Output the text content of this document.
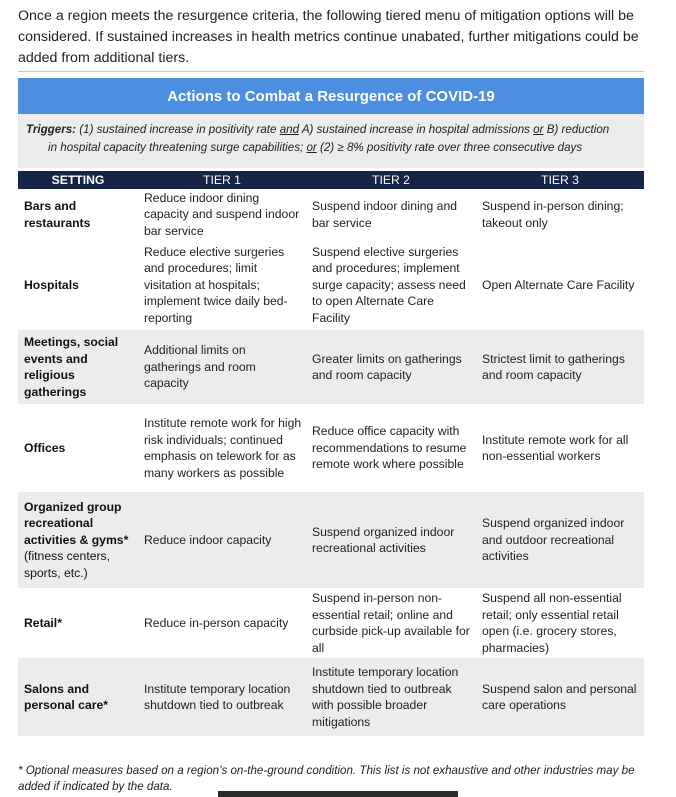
Once a region meets the resurgence criteria, the following tiered menu of mitigation options will be considered. If sustained increases in health metrics continue unabated, further mitigations could be added from additional tiers.
Actions to Combat a Resurgence of COVID-19
Triggers: (1) sustained increase in positivity rate and A) sustained increase in hospital admissions or B) reduction
in hospital capacity threatening surge capabilities; or (2) ≥ 8% positivity rate over three consecutive days
SETTING	TIER 1	TIER 2	TIER 3
Bars and restaurants	Reduce indoor dining capacity and suspend indoor bar service	Suspend indoor dining and bar service	Suspend in-person dining; takeout only
Hospitals	Reduce elective surgeries and procedures; limit visitation at hospitals; implement twice daily bed-reporting	Suspend elective surgeries and procedures; implement surge capacity; assess need to open Alternate Care Facility	Open Alternate Care Facility
Meetings, social events and religious gatherings	Additional limits on gatherings and room capacity	Greater limits on gatherings and room capacity	Strictest limit to gatherings and room capacity
Offices	Institute remote work for high risk individuals; continued emphasis on telework for as many workers as possible	Reduce office capacity with recommendations to resume remote work where possible	Institute remote work for all non-essential workers
Organized group recreational activities & gyms* (fitness centers, sports, etc.)	Reduce indoor capacity	Suspend organized indoor recreational activities	Suspend organized indoor and outdoor recreational activities
Retail*	Reduce in-person capacity	Suspend in-person non-essential retail; online and curbside pick-up available for all	Suspend all non-essential retail; only essential retail open (i.e. grocery stores, pharmacies)
Salons and personal care*	Institute temporary location shutdown tied to outbreak	Institute temporary location shutdown tied to outbreak with possible broader mitigations	Suspend salon and personal care operations
* Optional measures based on a region’s on-the-ground condition. This list is not exhaustive and other industries may be added if indicated by the data.
